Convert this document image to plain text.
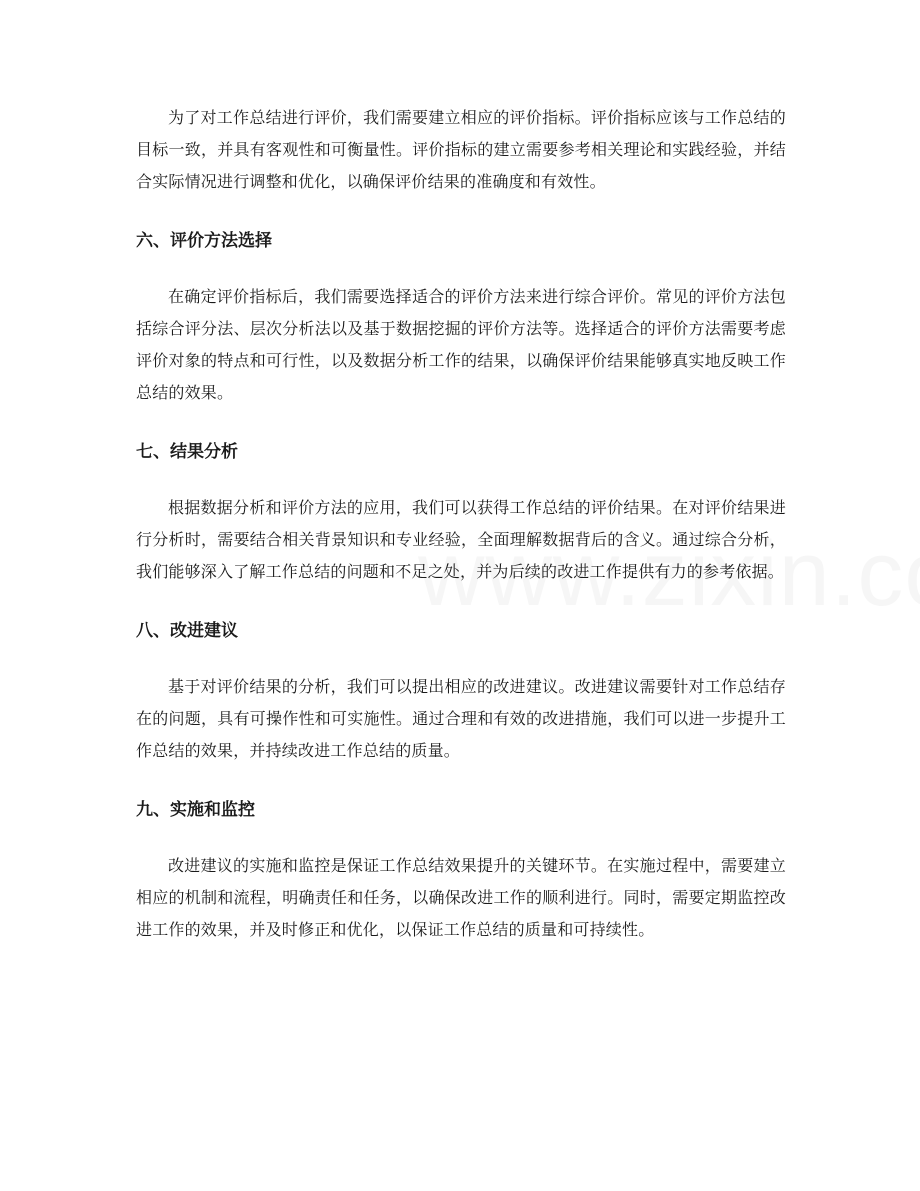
为了对工作总结进行评价，我们需要建立相应的评价指标。评价指标应该与工作总结的目标一致，并具有客观性和可衡量性。评价指标的建立需要参考相关理论和实践经验，并结合实际情况进行调整和优化，以确保评价结果的准确度和有效性。

六、评价方法选择

在确定评价指标后，我们需要选择适合的评价方法来进行综合评价。常见的评价方法包括综合评分法、层次分析法以及基于数据挖掘的评价方法等。选择适合的评价方法需要考虑评价对象的特点和可行性，以及数据分析工作的结果，以确保评价结果能够真实地反映工作总结的效果。

七、结果分析

根据数据分析和评价方法的应用，我们可以获得工作总结的评价结果。在对评价结果进行分析时，需要结合相关背景知识和专业经验，全面理解数据背后的含义。通过综合分析，我们能够深入了解工作总结的问题和不足之处，并为后续的改进工作提供有力的参考依据。

八、改进建议

基于对评价结果的分析，我们可以提出相应的改进建议。改进建议需要针对工作总结存在的问题，具有可操作性和可实施性。通过合理和有效的改进措施，我们可以进一步提升工作总结的效果，并持续改进工作总结的质量。

九、实施和监控

改进建议的实施和监控是保证工作总结效果提升的关键环节。在实施过程中，需要建立相应的机制和流程，明确责任和任务，以确保改进工作的顺利进行。同时，需要定期监控改进工作的效果，并及时修正和优化，以保证工作总结的质量和可持续性。
